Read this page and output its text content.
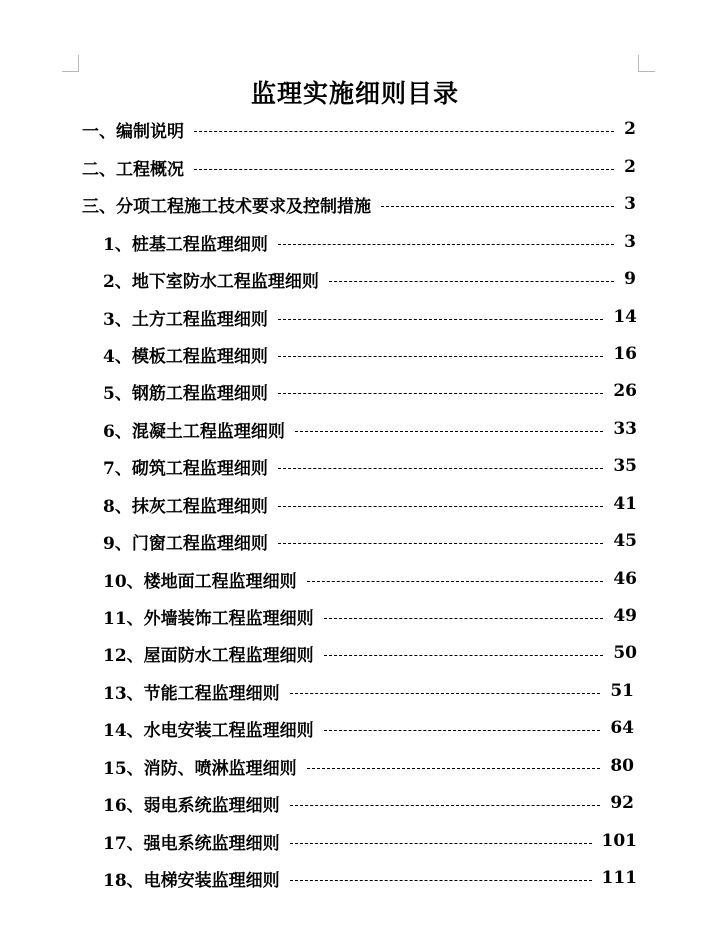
监理实施细则目录
一、编制说明	2
二、工程概况	2
三、分项工程施工技术要求及控制措施	3
1、桩基工程监理细则	3
2、地下室防水工程监理细则	9
3、土方工程监理细则	14
4、模板工程监理细则	16
5、钢筋工程监理细则	26
6、混凝土工程监理细则	33
7、砌筑工程监理细则	35
8、抹灰工程监理细则	41
9、门窗工程监理细则	45
10、楼地面工程监理细则	46
11、外墙装饰工程监理细则	49
12、屋面防水工程监理细则	50
13、节能工程监理细则	51
14、水电安装工程监理细则	64
15、消防、喷淋监理细则	80
16、弱电系统监理细则	92
17、强电系统监理细则	101
18、电梯安装监理细则	111
